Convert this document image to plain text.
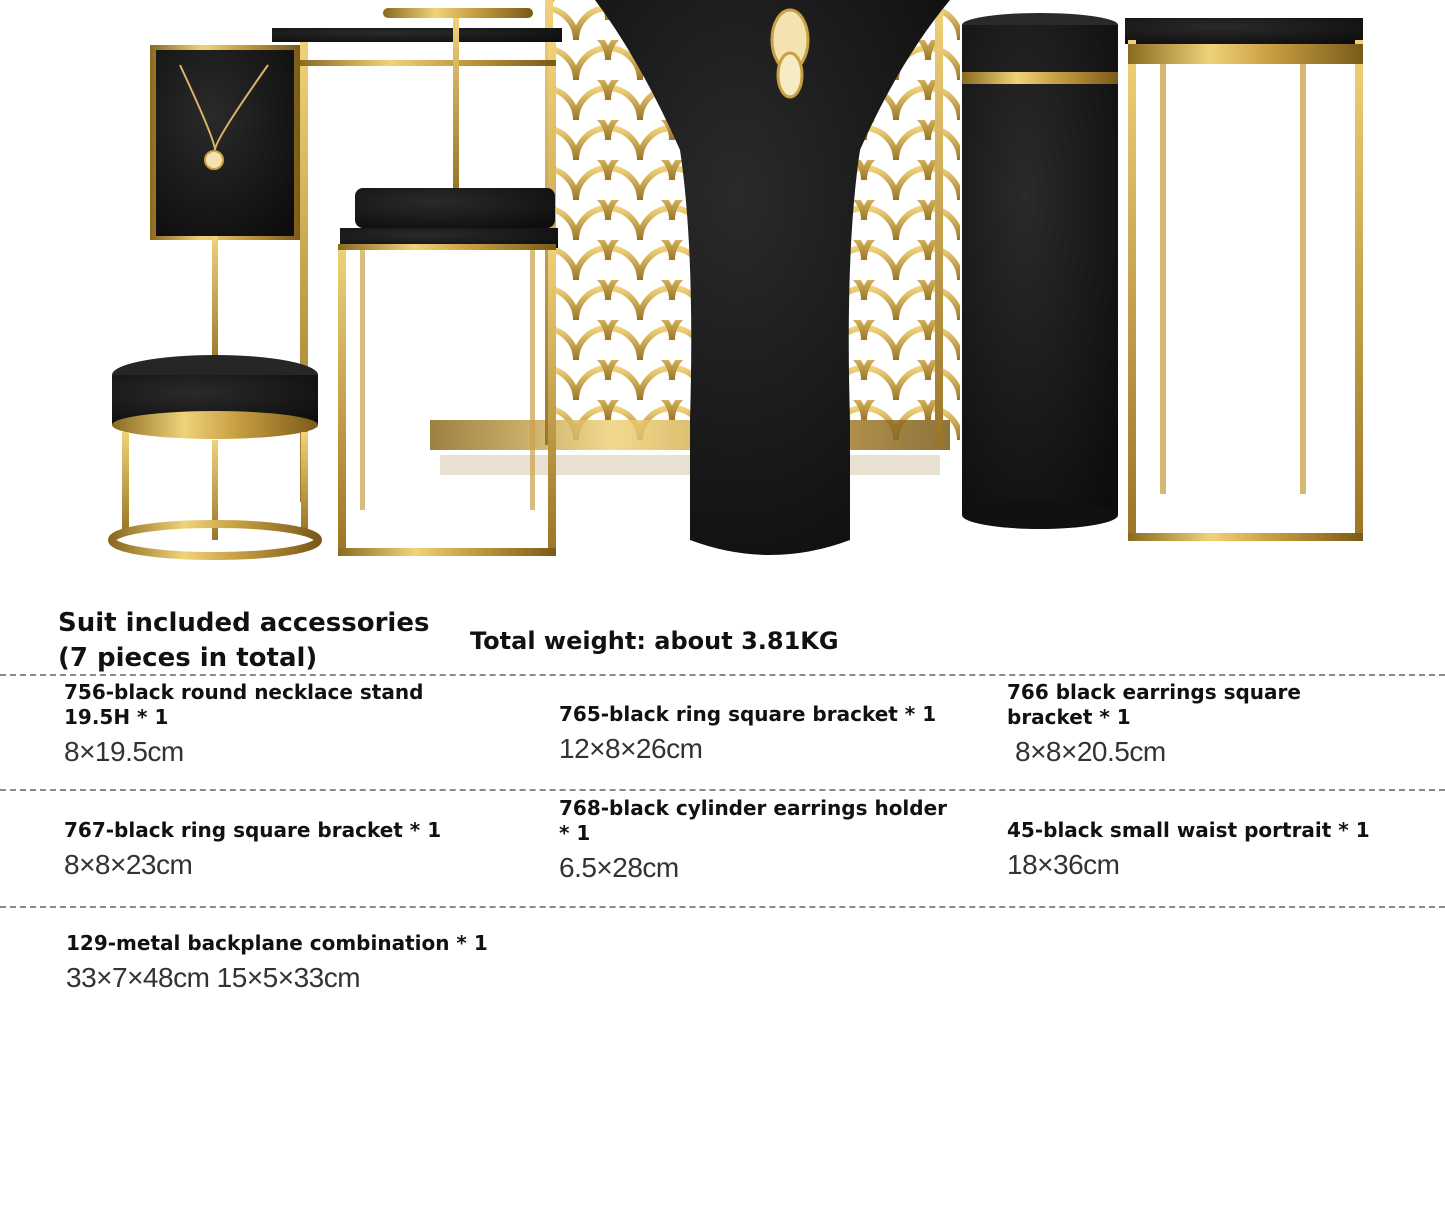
Suit included accessories
(7 pieces in total)
Total weight: about 3.81KG
756-black round necklace stand 19.5H * 1
8×19.5cm
765-black ring square bracket * 1
12×8×26cm
766 black earrings square bracket * 1
8×8×20.5cm
767-black ring square bracket * 1
8×8×23cm
768-black cylinder earrings holder * 1
6.5×28cm
45-black small waist portrait * 1
18×36cm
129-metal backplane combination * 1
33×7×48cm 15×5×33cm
